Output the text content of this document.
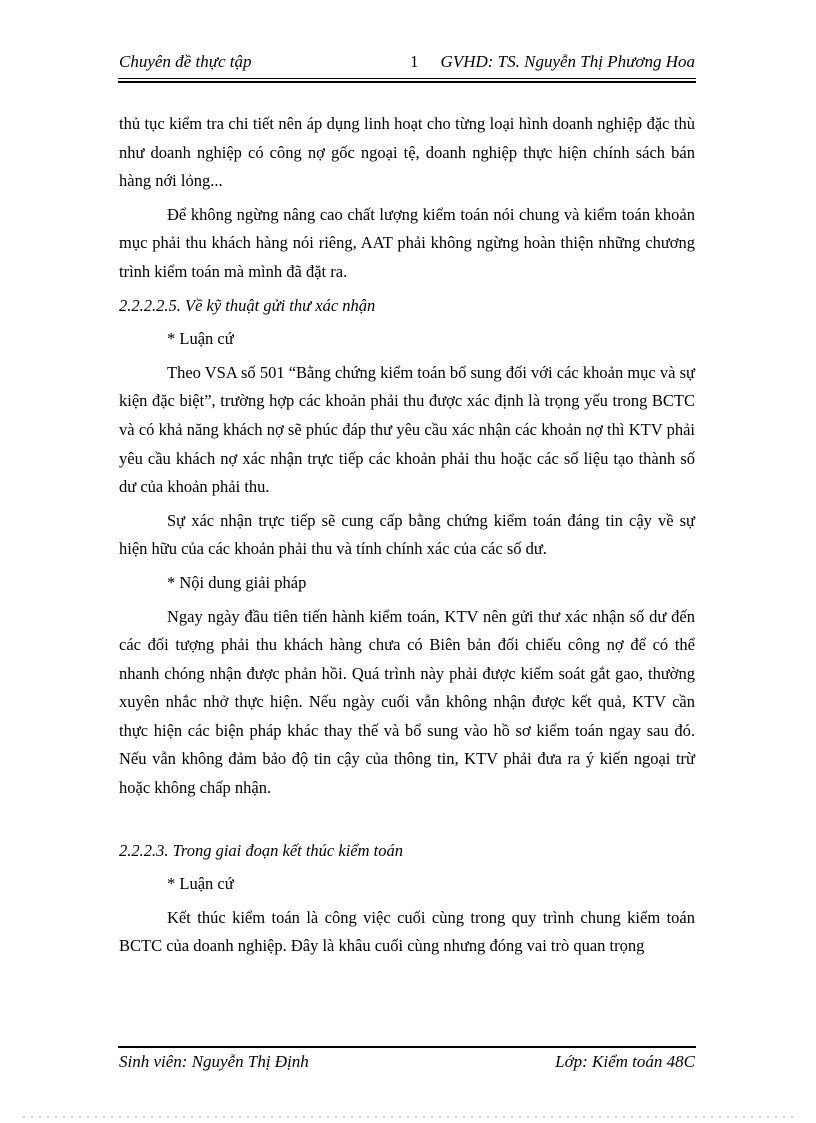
Chuyên đề thực tập	1 GVHD: TS. Nguyễn Thị Phương Hoa

thủ tục kiểm tra chi tiết nên áp dụng linh hoạt cho từng loại hình doanh nghiệp đặc thù như doanh nghiệp có công nợ gốc ngoại tệ, doanh nghiệp thực hiện chính sách bán hàng nới lỏng...

Để không ngừng nâng cao chất lượng kiểm toán nói chung và kiểm toán khoản mục phải thu khách hàng nói riêng, AAT phải không ngừng hoàn thiện những chương trình kiểm toán mà mình đã đặt ra.

2.2.2.2.5. Về kỹ thuật gửi thư xác nhận

* Luận cứ

Theo VSA số 501 “Bằng chứng kiểm toán bổ sung đối với các khoản mục và sự kiện đặc biệt”, trường hợp các khoản phải thu được xác định là trọng yếu trong BCTC và có khả năng khách nợ sẽ phúc đáp thư yêu cầu xác nhận các khoản nợ thì KTV phải yêu cầu khách nợ xác nhận trực tiếp các khoản phải thu hoặc các số liệu tạo thành số dư của khoản phải thu.

Sự xác nhận trực tiếp sẽ cung cấp bằng chứng kiểm toán đáng tin cậy về sự hiện hữu của các khoản phải thu và tính chính xác của các số dư.

* Nội dung giải pháp

Ngay ngày đầu tiên tiến hành kiểm toán, KTV nên gửi thư xác nhận số dư đến các đối tượng phải thu khách hàng chưa có Biên bản đối chiếu công nợ để có thể nhanh chóng nhận được phản hồi. Quá trình này phải được kiểm soát gắt gao, thường xuyên nhắc nhở thực hiện. Nếu ngày cuối vẫn không nhận được kết quả, KTV cần thực hiện các biện pháp khác thay thế và bổ sung vào hồ sơ kiểm toán ngay sau đó. Nếu vẫn không đảm bảo độ tin cậy của thông tin, KTV phải đưa ra ý kiến ngoại trừ hoặc không chấp nhận.

2.2.2.3. Trong giai đoạn kết thúc kiểm toán

* Luận cứ

Kết thúc kiểm toán là công việc cuối cùng trong quy trình chung kiểm toán BCTC của doanh nghiệp. Đây là khâu cuối cùng nhưng đóng vai trò quan trọng

Sinh viên: Nguyễn Thị Định	Lớp: Kiểm toán 48C
